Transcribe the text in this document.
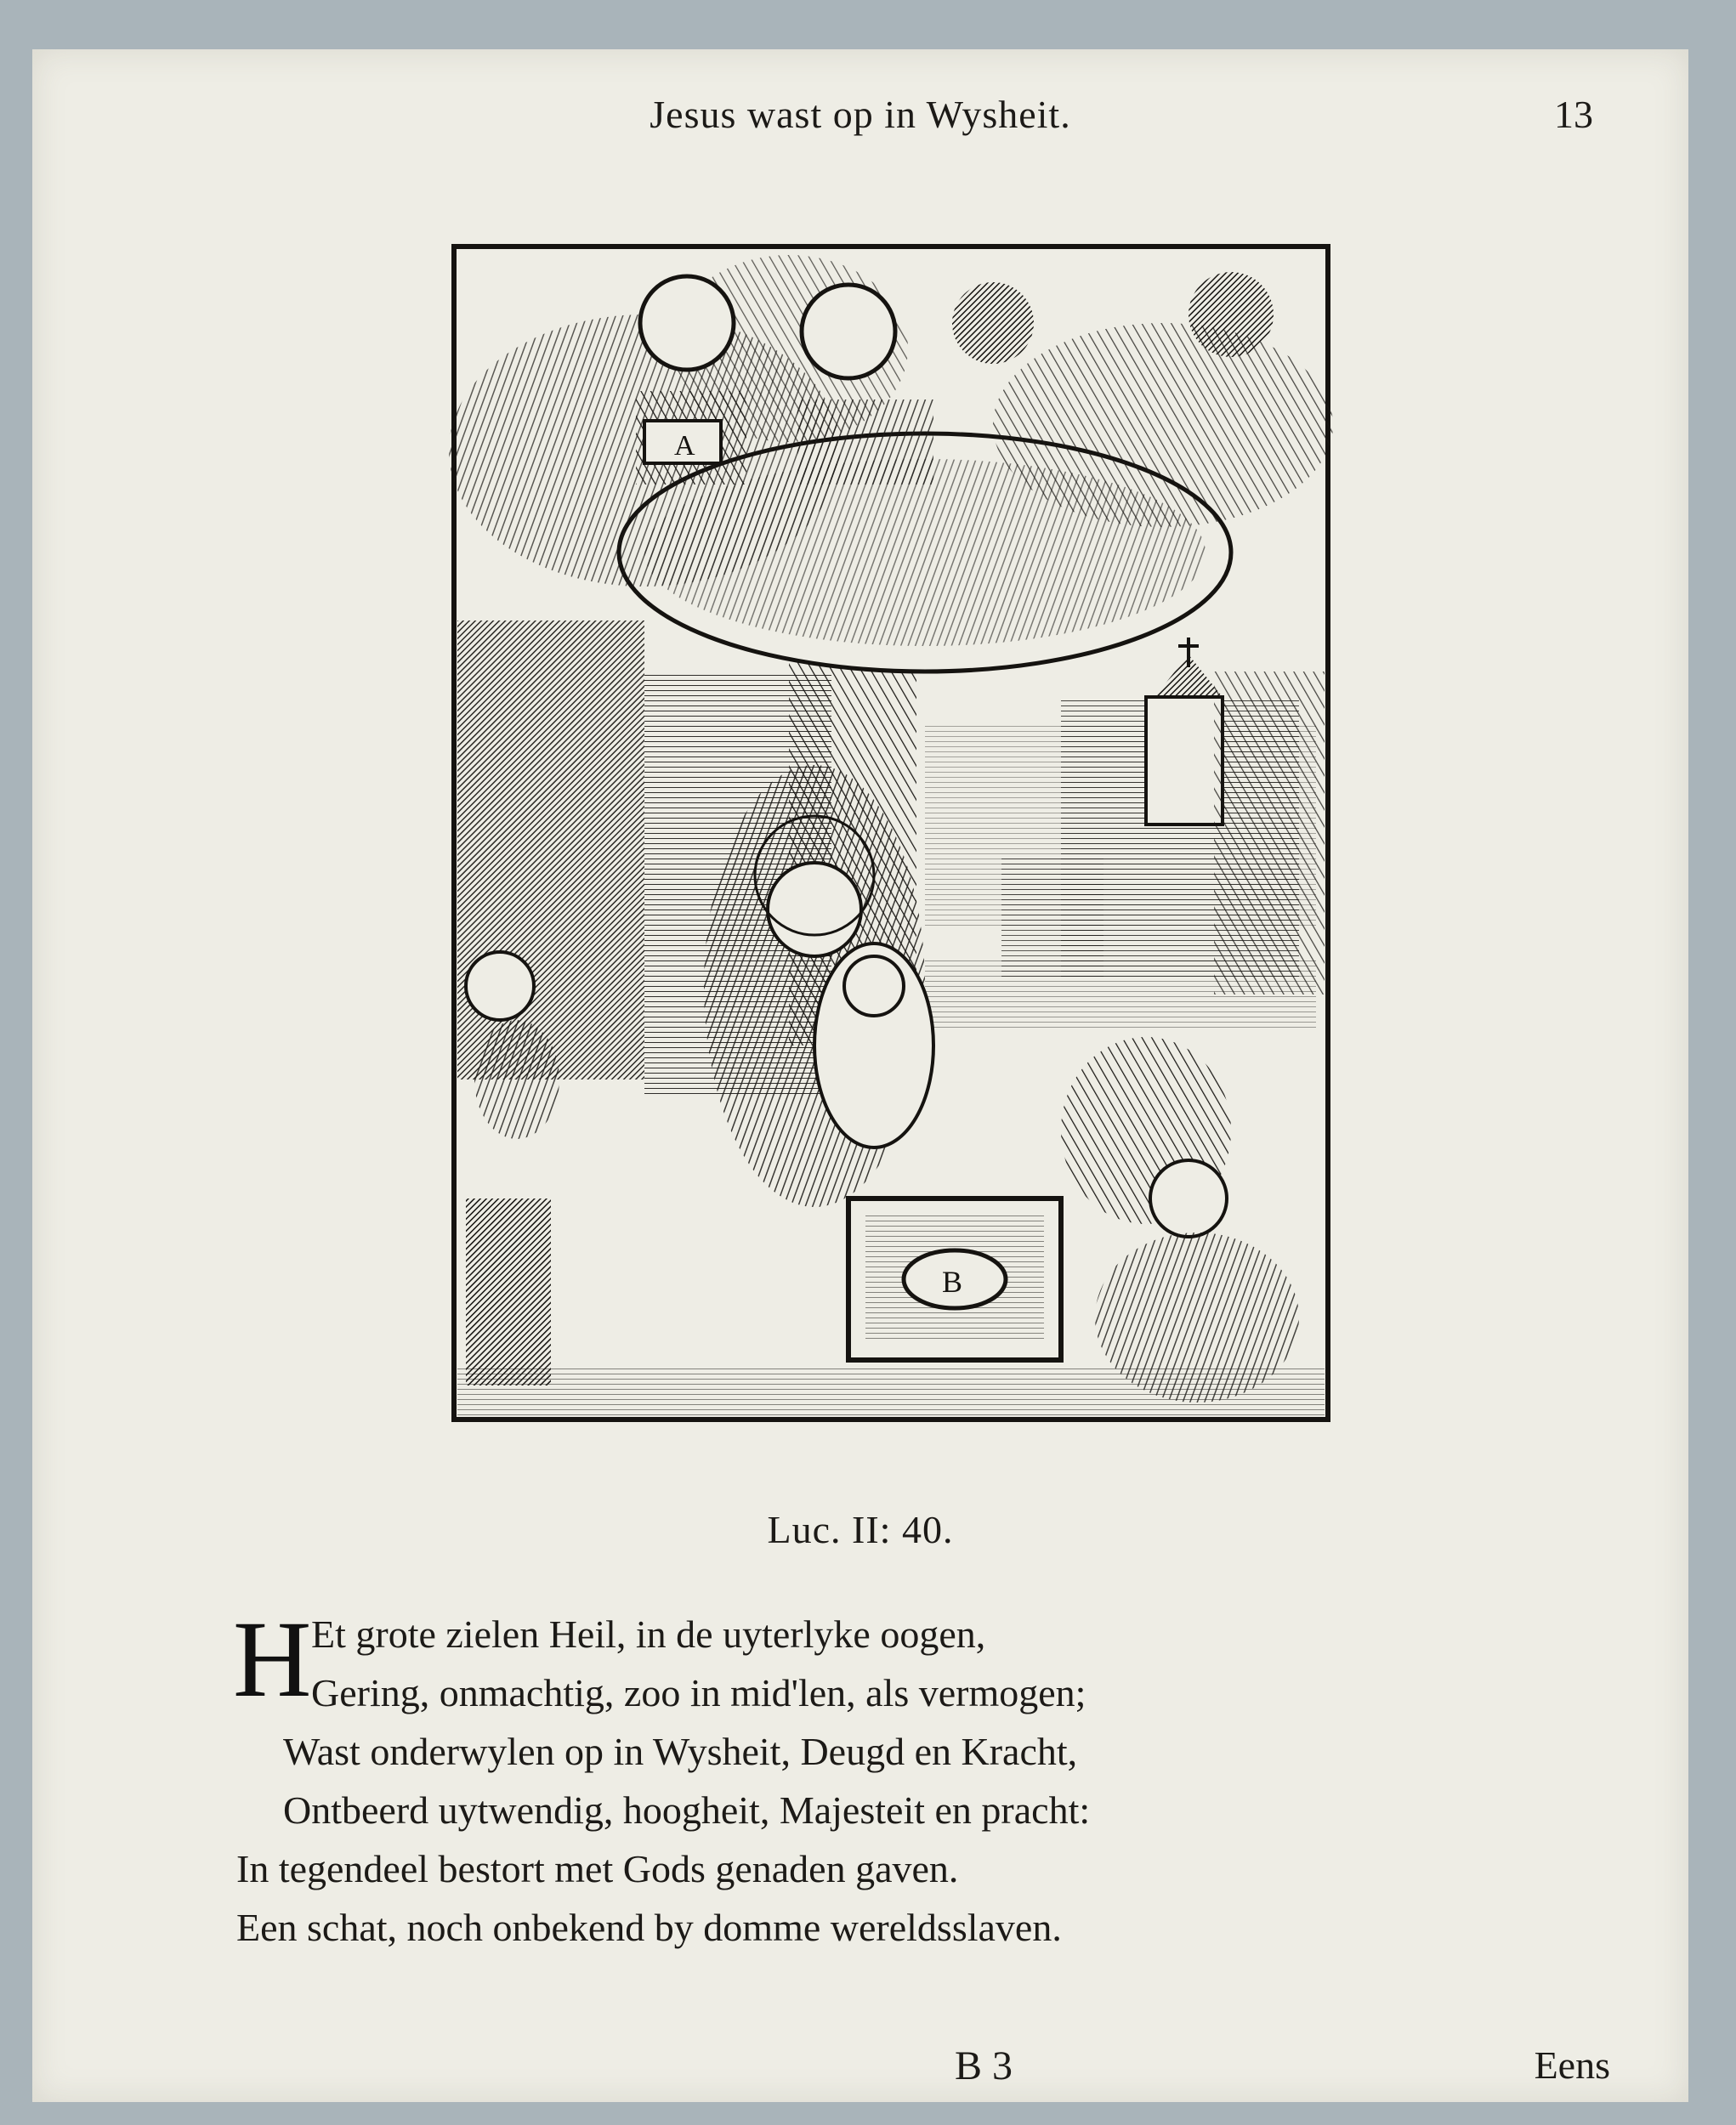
Jesus wast op in Wysheit.	13
A
B
Luc. II: 40.
H Et grote zielen Heil, in de uyterlyke oogen,
Gering, onmachtig, zoo in mid'len, als vermogen;
Wast onderwylen op in Wysheit, Deugd en Kracht,
Ontbeerd uytwendig, hoogheit, Majesteit en pracht:
In tegendeel bestort met Gods genaden gaven.
Een schat, noch onbekend by domme wereldsslaven.
B 3	Eens
